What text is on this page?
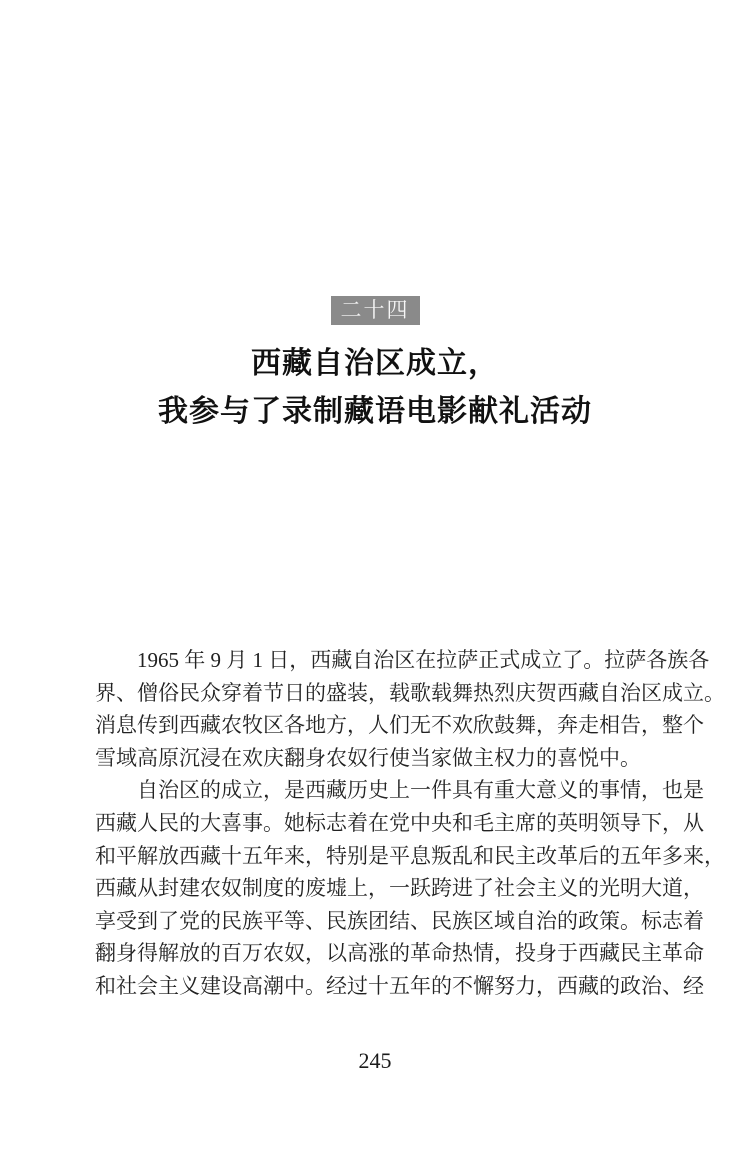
二十四
西藏自治区成立，
我参与了录制藏语电影献礼活动
1965 年 9 月 1 日，西藏自治区在拉萨正式成立了。拉萨各族各
界、僧俗民众穿着节日的盛装，载歌载舞热烈庆贺西藏自治区成立。
消息传到西藏农牧区各地方，人们无不欢欣鼓舞，奔走相告，整个
雪域高原沉浸在欢庆翻身农奴行使当家做主权力的喜悦中。
自治区的成立，是西藏历史上一件具有重大意义的事情，也是
西藏人民的大喜事。她标志着在党中央和毛主席的英明领导下，从
和平解放西藏十五年来，特别是平息叛乱和民主改革后的五年多来，
西藏从封建农奴制度的废墟上，一跃跨进了社会主义的光明大道，
享受到了党的民族平等、民族团结、民族区域自治的政策。标志着
翻身得解放的百万农奴，以高涨的革命热情，投身于西藏民主革命
和社会主义建设高潮中。经过十五年的不懈努力，西藏的政治、经
245
